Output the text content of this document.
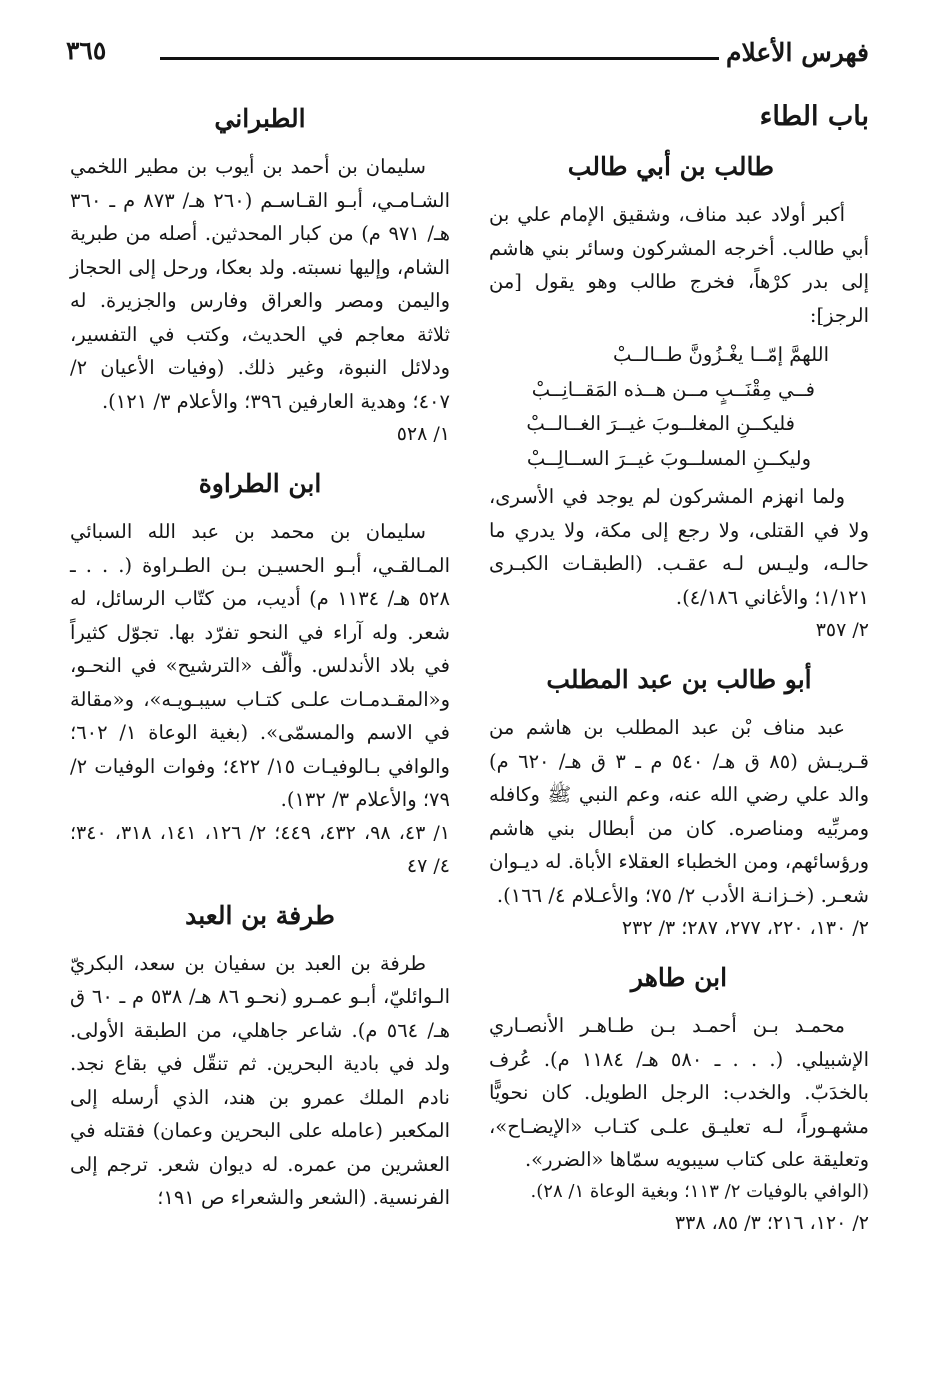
فهرس الأعلام
٣٦٥
باب الطاء
طالب بن أبي طالب

أكبر أولاد عبد مناف، وشقيق الإمام علي بن أبي طالب. أخرجه المشركون وسائر بني هاشم إلى بدر كرْهاً، فخرج طالب وهو يقول [من الرجز]:

اللهمَّ إمّــا يغْـزُونَّ طــالــبْ
فــي مِقْنَــبٍ مــن هــذه المَقــانِــبْ
فليكــنِ المغلــوبَ غيــرَ الغــالــبْ
وليكــنِ المسلــوبَ غيــرَ الســالِــبْ

ولما انهزم المشركون لم يوجد في الأسرى، ولا في القتلى، ولا رجع إلى مكة، ولا يدري ما حالـه، وليـس لـه عقـب. (الطبقـات الكبـرى ١/١٢١؛ والأغاني ٤/١٨٦).

٢/ ٣٥٧

أبو طالب بن عبد المطلب

عبد مناف بْن عبد المطلب بن هاشم من قـريـش (٨٥ ق هـ/ ٥٤٠ م ـ ٣ ق هـ/ ٦٢٠ م) والد علي رضي الله عنه، وعم النبي ﷺ وكافله ومربِّيه ومناصره. كان من أبطال بني هاشم ورؤسائهم، ومن الخطباء العقلاء الأباة. له ديـوان شعـر. (خـزانـة الأدب ٢/ ٧٥؛ والأعـلام ٤/ ١٦٦).

٢/ ١٣٠، ٢٢٠، ٢٧٧، ٢٨٧؛ ٣/ ٢٣٢

ابن طاهر

محمـد بـن أحمـد بـن طـاهـر الأنصـاري الإشبيلي. (. . . ـ ٥٨٠ هـ/ ١١٨٤ م). عُرف بالخدَبّ. والخدب: الرجل الطويل. كان نحويًّا مشهـوراً، لـه تعليـق علـى كتـاب «الإيضـاح»، وتعليقة على كتاب سيبويه سمّاها «الضرر».

(الوافي بالوفيات ٢/ ١١٣؛ وبغية الوعاة ١/ ٢٨).

٢/ ١٢٠، ٢١٦؛ ٣/ ٨٥، ٣٣٨

الطبراني

سليمان بن أحمد بن أيوب بن مطير اللخمي الشـامـي، أبـو القـاسـم (٢٦٠ هـ/ ٨٧٣ م ـ ٣٦٠ هـ/ ٩٧١ م) من كبار المحدثين. أصله من طبرية الشام، وإليها نسبته. ولد بعكا، ورحل إلى الحجاز واليمن ومصر والعراق وفارس والجزيرة. له ثلاثة معاجم في الحديث، وكتب في التفسير، ودلائل النبوة، وغير ذلك. (وفيات الأعيان ٢/ ٤٠٧؛ وهدية العارفين ٣٩٦؛ والأعلام ٣/ ١٢١).

١/ ٥٢٨

ابن الطراوة

سليمان بن محمد بن عبد الله السبائي المـالقـي، أبـو الحسيـن بـن الطـراوة (. . . ـ ٥٢٨ هـ/ ١١٣٤ م) أديب، من كتّاب الرسائل، له شعر. وله آراء في النحو تفرّد بها. تجوّل كثيراً في بلاد الأندلس. وألّف «الترشيح» في النحـو، و«المقـدمـات علـى كتـاب سيبـويـه»، و«مقالة في الاسم والمسمّى». (بغية الوعاة ١/ ٦٠٢؛ والوافي بـالوفيـات ١٥/ ٤٢٢؛ وفوات الوفيات ٢/ ٧٩؛ والأعلام ٣/ ١٣٢).

١/ ٤٣، ٩٨، ٤٣٢، ٤٤٩؛ ٢/ ١٢٦، ١٤١، ٣١٨، ٣٤٠؛ ٤/ ٤٧

طرفة بن العبد

طرفة بن العبد بن سفيان بن سعد، البكريّ الـوائليّ، أبـو عمـرو (نحـو ٨٦ هـ/ ٥٣٨ م ـ ٦٠ ق هـ/ ٥٦٤ م). شاعر جاهلي، من الطبقة الأولى. ولد في بادية البحرين. ثم تنقّل في بقاع نجد. نادم الملك عمرو بن هند، الذي أرسله إلى المكعبر (عامله على البحرين وعمان) فقتله في العشرين من عمره. له ديوان شعر. ترجم إلى الفرنسية. (الشعر والشعراء ص ١٩١؛
